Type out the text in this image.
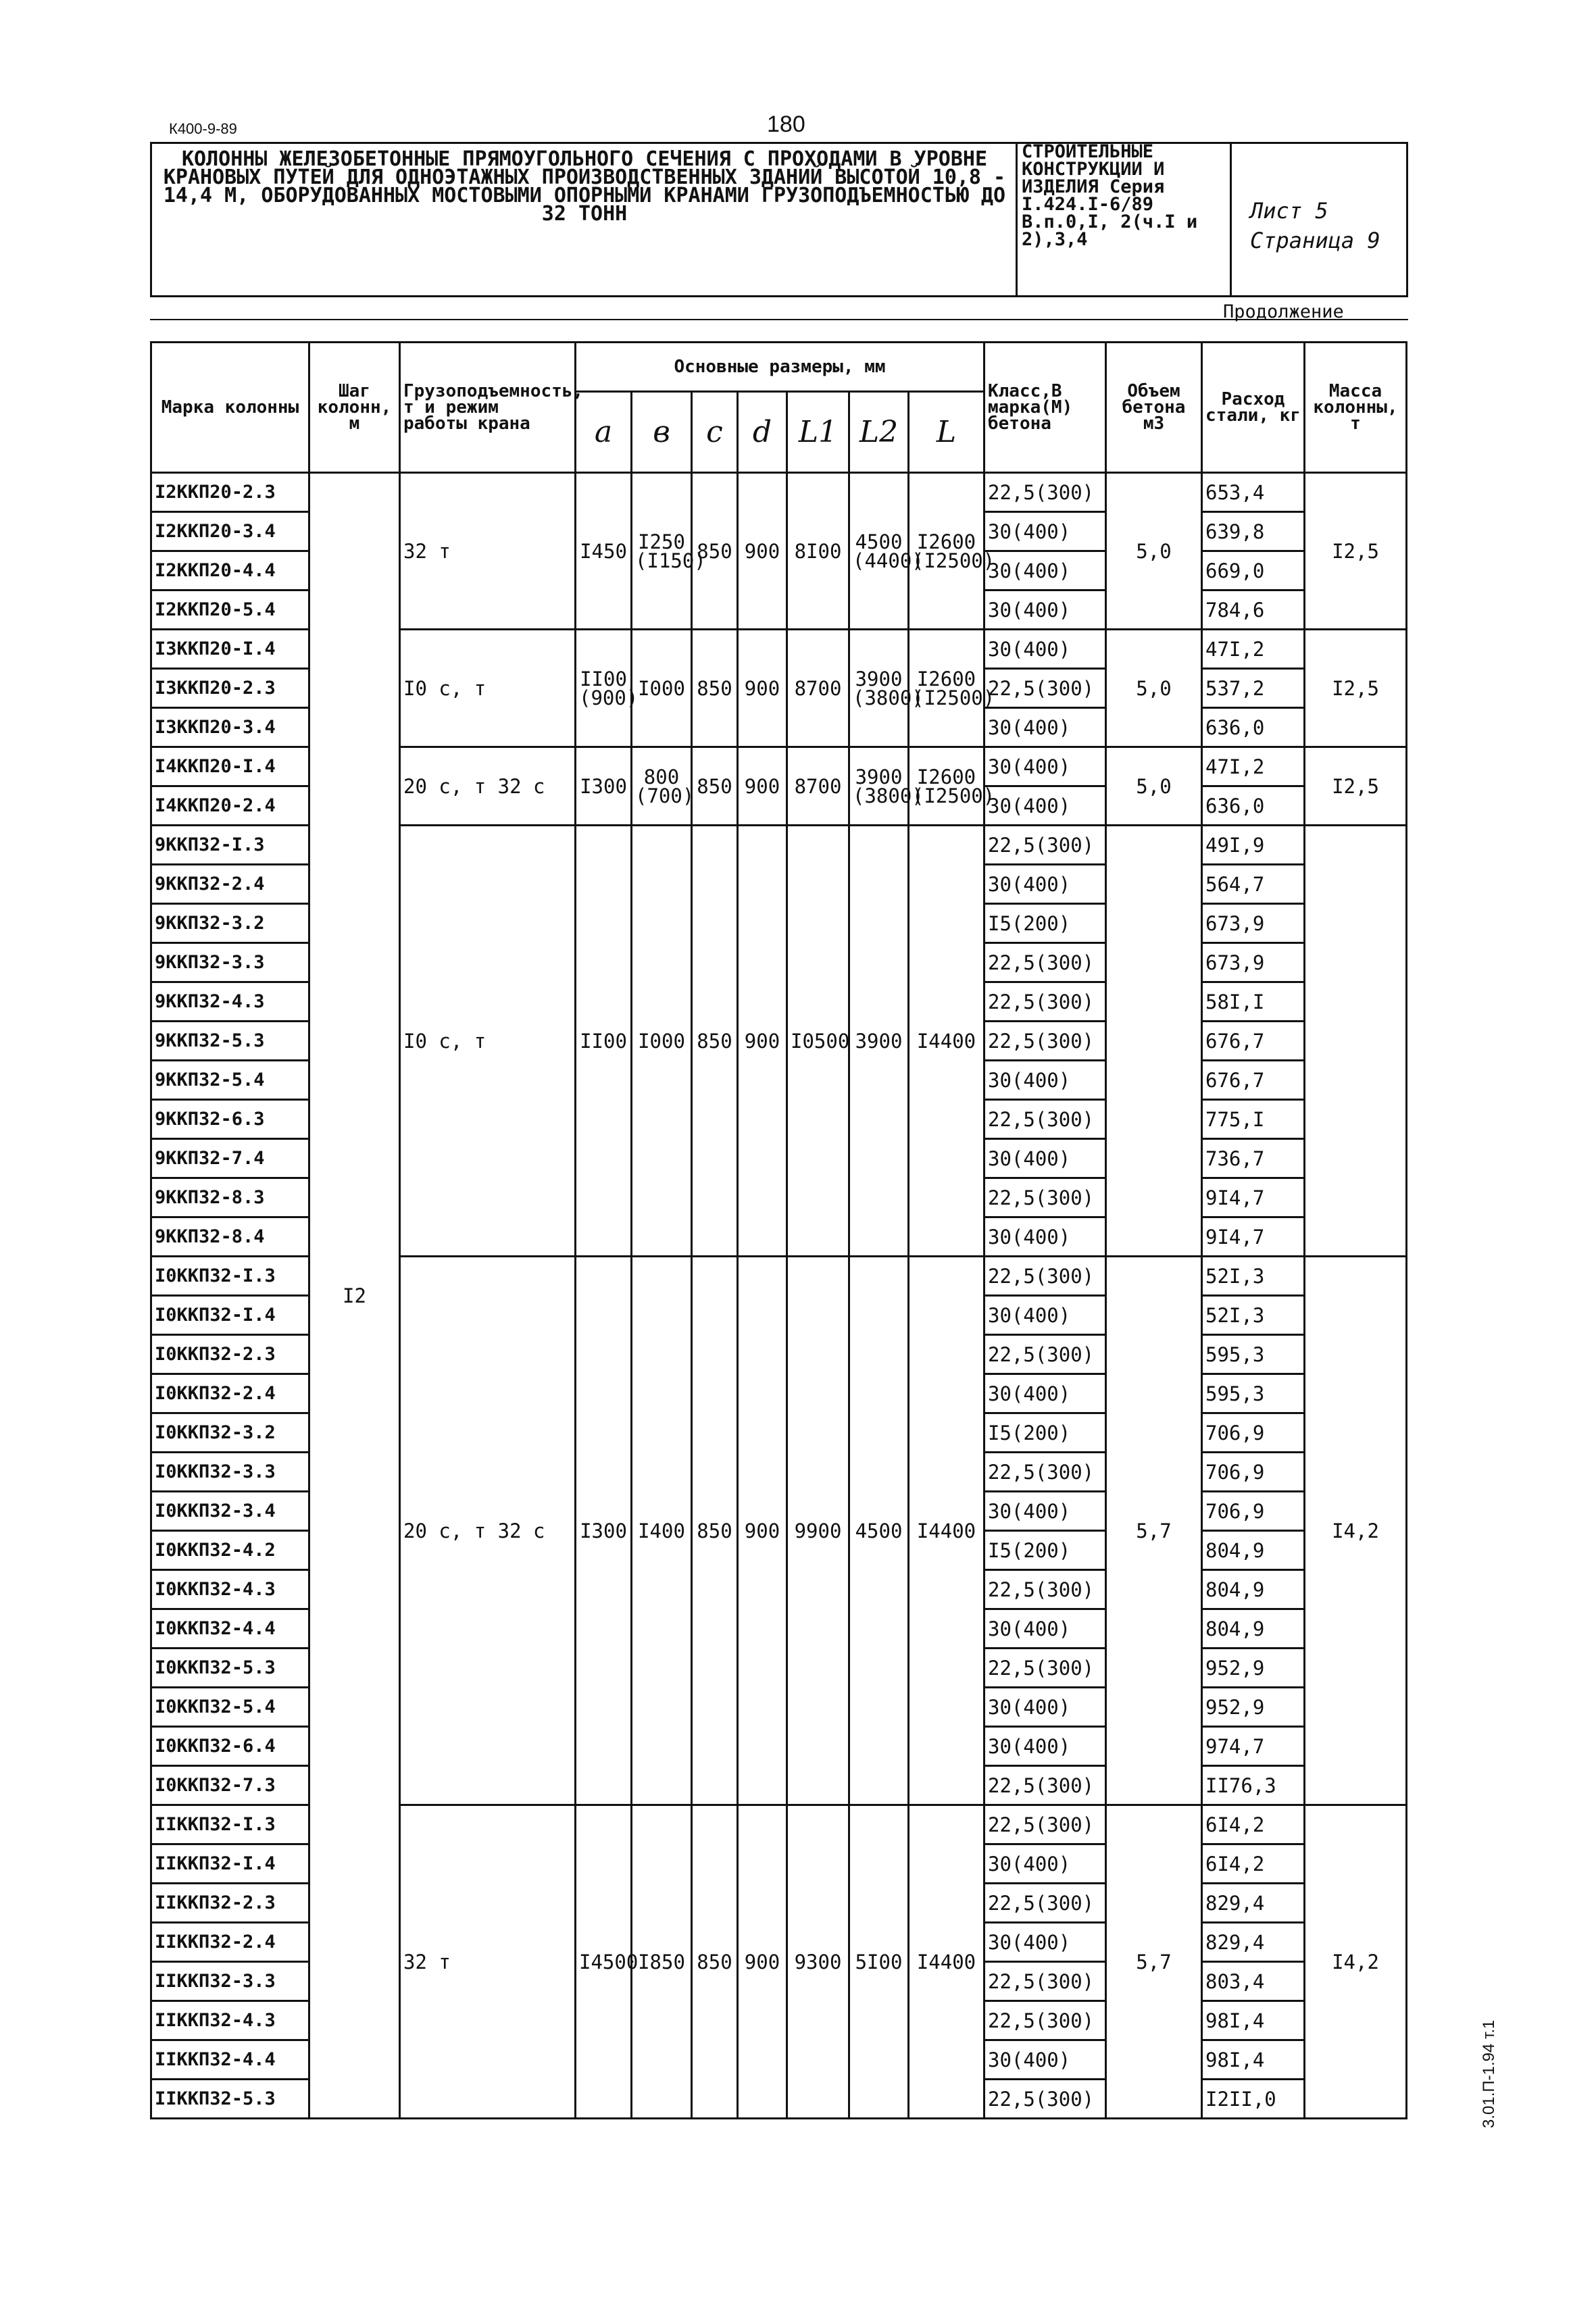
К400-9-89	180
КОЛОННЫ ЖЕЛЕЗОБЕТОННЫЕ ПРЯМОУГОЛЬНОГО СЕЧЕНИЯ С ПРОХОДАМИ В УРОВНЕ КРАНОВЫХ ПУТЕЙ ДЛЯ ОДНОЭТАЖНЫХ ПРОИЗВОДСТВЕННЫХ ЗДАНИЙ ВЫСОТОЙ 10,8 - 14,4 М, ОБОРУДОВАННЫХ МОСТОВЫМИ ОПОРНЫМИ КРАНАМИ ГРУЗОПОДЪЕМНОСТЬЮ ДО 32 ТОНН
СТРОИТЕЛЬНЫЕ КОНСТРУКЦИИ И ИЗДЕЛИЯ Серия I.424.I-6/89 В.п.0,I, 2(ч.I и 2),3,4
Лист 5
Страница 9
Продолжение
Марка колонны	Шаг колонн, м	Грузоподъемность, т и режим работы крана	Основные размеры, мм							Класс,В марка(М) бетона	Объем бетона м3	Расход стали, кг	Масса колонны, т
			a	в	c	d	L1	L2	L				
I2ККП20-2.3	I2	32 т	I450	I250 (I150)	850	900	8I00	4500 (4400)	I2600 (I2500)	22,5(300)	5,0	653,4	I2,5
I2ККП20-3.4										30(400)		639,8	
I2ККП20-4.4										30(400)		669,0	
I2ККП20-5.4										30(400)		784,6	
I3ККП20-I.4		I0 с, т	II00 (900)	I000	850	900	8700	3900 (3800)	I2600 (I2500)	30(400)	5,0	47I,2	I2,5
I3ККП20-2.3										22,5(300)		537,2	
I3ККП20-3.4										30(400)		636,0	
I4ККП20-I.4		20 с, т 32 с	I300	800 (700)	850	900	8700	3900 (3800)	I2600 (I2500)	30(400)	5,0	47I,2	I2,5
I4ККП20-2.4										30(400)		636,0	
9ККП32-I.3		I0 с, т	II00	I000	850	900	I0500	3900	I4400	22,5(300)		49I,9	
9ККП32-2.4										30(400)		564,7	
9ККП32-3.2										I5(200)		673,9	
9ККП32-3.3										22,5(300)		673,9	
9ККП32-4.3										22,5(300)		58I,I	
9ККП32-5.3										22,5(300)		676,7	
9ККП32-5.4										30(400)		676,7	
9ККП32-6.3										22,5(300)		775,I	
9ККП32-7.4										30(400)		736,7	
9ККП32-8.3										22,5(300)		9I4,7	
9ККП32-8.4										30(400)		9I4,7	
I0ККП32-I.3		20 с, т 32 с	I300	I400	850	900	9900	4500	I4400	22,5(300)	5,7	52I,3	I4,2
I0ККП32-I.4										30(400)		52I,3	
I0ККП32-2.3										22,5(300)		595,3	
I0ККП32-2.4										30(400)		595,3	
I0ККП32-3.2										I5(200)		706,9	
I0ККП32-3.3										22,5(300)		706,9	
I0ККП32-3.4										30(400)		706,9	
I0ККП32-4.2										I5(200)		804,9	
I0ККП32-4.3										22,5(300)		804,9	
I0ККП32-4.4										30(400)		804,9	
I0ККП32-5.3										22,5(300)		952,9	
I0ККП32-5.4										30(400)		952,9	
I0ККП32-6.4										30(400)		974,7	
I0ККП32-7.3										22,5(300)		II76,3	
IIККП32-I.3		32 т	I4500	I850	850	900	9300	5I00	I4400	22,5(300)	5,7	6I4,2	I4,2
IIККП32-I.4										30(400)		6I4,2	
IIККП32-2.3										22,5(300)		829,4	
IIККП32-2.4										30(400)		829,4	
IIККП32-3.3										22,5(300)		803,4	
IIККП32-4.3										22,5(300)		98I,4	
IIККП32-4.4										30(400)		98I,4	
IIККП32-5.3										22,5(300)		I2II,0		3.01.П-1.94 т.1
